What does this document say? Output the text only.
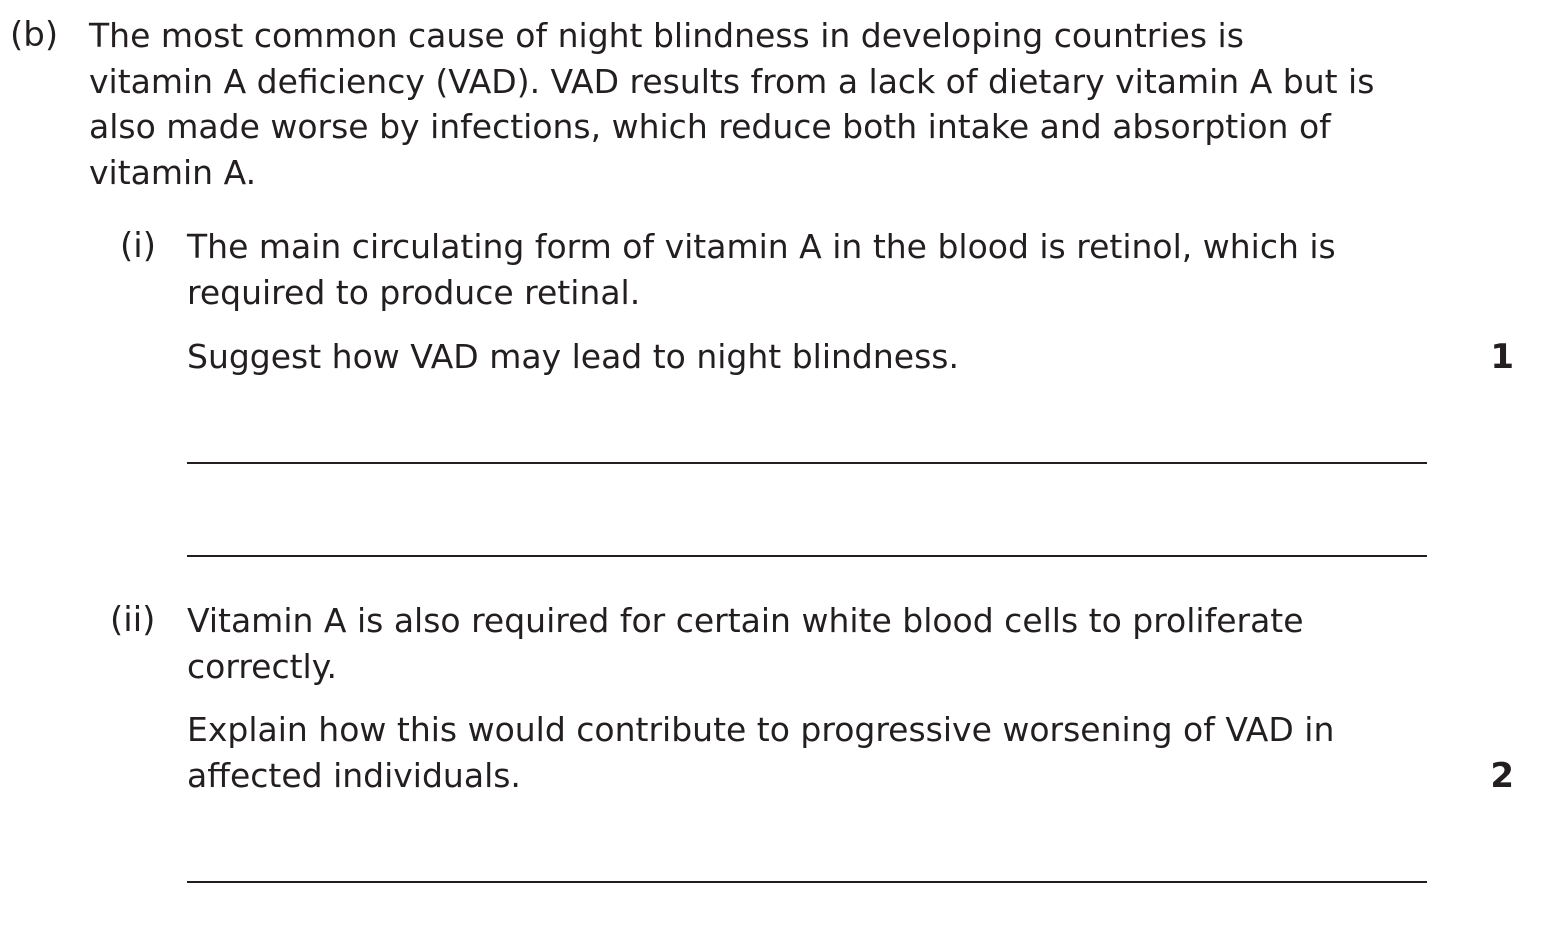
(b) The most common cause of night blindness in developing countries is
vitamin A deficiency (VAD). VAD results from a lack of dietary vitamin A but is
also made worse by infections, which reduce both intake and absorption of
vitamin A.
(i) The main circulating form of vitamin A in the blood is retinol, which is
required to produce retinal.
Suggest how VAD may lead to night blindness.	1
(ii) Vitamin A is also required for certain white blood cells to proliferate
correctly.
Explain how this would contribute to progressive worsening of VAD in
affected individuals.	2
